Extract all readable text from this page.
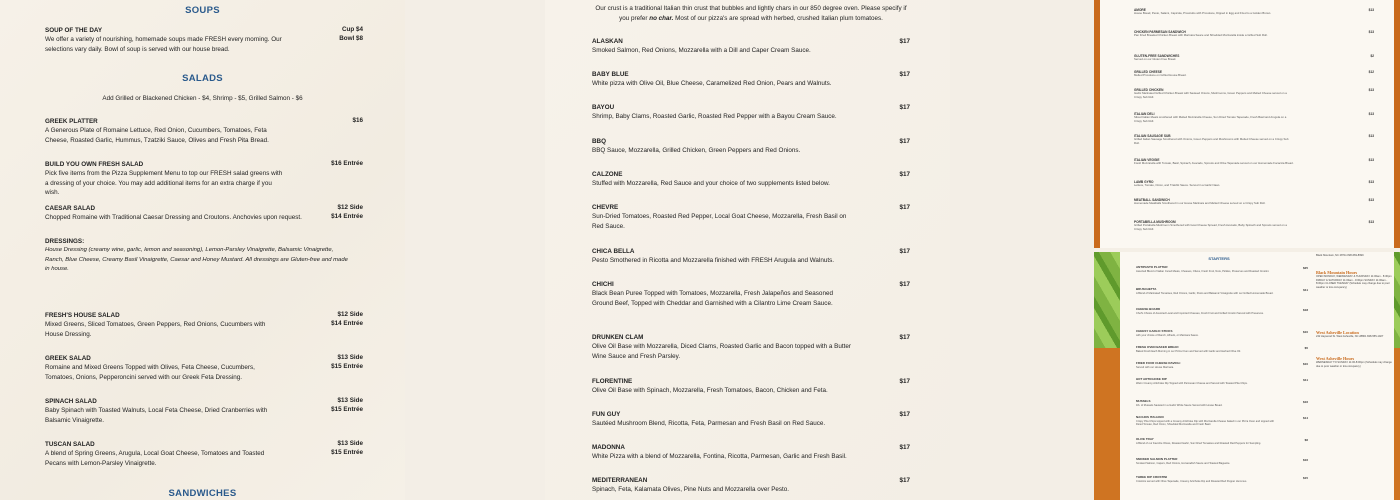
SOUPS
SOUP OF THE DAY
We offer a variety of nourishing, homemade soups made FRESH every morning. Our selections vary daily. Bowl of soup is served with our house bread.
Cup $4
Bowl $8
SALADS
Add Grilled or Blackened Chicken - $4, Shrimp - $5, Grilled Salmon - $6
GREEK PLATTER
A Generous Plate of Romaine Lettuce, Red Onion, Cucumbers, Tomatoes, Feta Cheese, Roasted Garlic, Hummus, Tzatziki Sauce, Olives and Fresh Pita Bread.
$16
BUILD YOU OWN FRESH SALAD
Pick five items from the Pizza Supplement Menu to top our FRESH salad greens with a dressing of your choice. You may add additional items for an extra charge if you wish.
$16 Entrée
CAESAR SALAD
Chopped Romaine with Traditional Caesar Dressing and Croutons. Anchovies upon request.
$12 Side
$14 Entrée
DRESSINGS:
House Dressing (creamy wine, garlic, lemon and seasoning), Lemon-Parsley Vinaigrette, Balsamic Vinaigrette, Ranch, Blue Cheese, Creamy Basil Vinaigrette, Caesar and Honey Mustard. All dressings are Gluten-free and made in house.
FRESH'S HOUSE SALAD
Mixed Greens, Sliced Tomatoes, Green Peppers, Red Onions, Cucumbers with House Dressing.
$12 Side
$14 Entrée
GREEK SALAD
Romaine and Mixed Greens Topped with Olives, Feta Cheese, Cucumbers, Tomatoes, Onions, Pepperoncini served with our Greek Feta Dressing.
$13 Side
$15 Entrée
SPINACH SALAD
Baby Spinach with Toasted Walnuts, Local Feta Cheese, Dried Cranberries with Balsamic Vinaigrette.
$13 Side
$15 Entrée
TUSCAN SALAD
A blend of Spring Greens, Arugula, Local Goat Cheese, Tomatoes and Toasted Pecans with Lemon-Parsley Vinaigrette.
$13 Side
$15 Entrée
SANDWICHES
Our crust is a traditional Italian thin crust that bubbles and lightly chars in our 850 degree oven. Please specify if you prefer no char. Most of our pizza's are spread with herbed, crushed Italian plum tomatoes.
ALASKAN
Smoked Salmon, Red Onions, Mozzarella with a Dill and Caper Cream Sauce.
$17
BABY BLUE
White pizza with Olive Oil, Blue Cheese, Caramelized Red Onion, Pears and Walnuts.
$17
BAYOU
Shrimp, Baby Clams, Roasted Garlic, Roasted Red Pepper with a Bayou Cream Sauce.
$17
BBQ
BBQ Sauce, Mozzarella, Grilled Chicken, Green Peppers and Red Onions.
$17
CALZONE
Stuffed with Mozzarella, Red Sauce and your choice of two supplements listed below.
$17
CHEVRE
Sun-Dried Tomatoes, Roasted Red Pepper, Local Goat Cheese, Mozzarella, Fresh Basil on Red Sauce.
$17
CHICA BELLA
Pesto Smothered in Ricotta and Mozzarella finished with FRESH Arugula and Walnuts.
$17
CHICHI
Black Bean Puree Topped with Tomatoes, Mozzarella, Fresh Jalapeños and Seasoned Ground Beef, Topped with Cheddar and Garnished with a Cilantro Lime Cream Sauce.
$17
DRUNKEN CLAM
Olive Oil Base with Mozzarella, Diced Clams, Roasted Garlic and Bacon topped with a Butter Wine Sauce and Fresh Parsley.
$17
FLORENTINE
Olive Oil Base with Spinach, Mozzarella, Fresh Tomatoes, Bacon, Chicken and Feta.
$17
FUN GUY
Sautéed Mushroom Blend, Ricotta, Feta, Parmesan and Fresh Basil on Red Sauce.
$17
MADONNA
White Pizza with a blend of Mozzarella, Fontina, Ricotta, Parmesan, Garlic and Fresh Basil.
$17
MEDITERRANEAN
Spinach, Feta, Kalamata Olives, Pine Nuts and Mozzarella over Pesto.
$17
AMORE
House Bread, Pesto, Salami, Capicola, Prosciutto with Provolone, Dipped in Egg and Fried to a Golden Brown.
$13
CHICKEN PARMESAN SANDWICH
Pan Fried Breaded Chicken Breast with Marinara Sauce and Shredded Mozzarella inside a Grilled Sub Roll.
$13
GLUTEN-FREE SANDWICHES
Served on our Gluten Free Bread.
$2
GRILLED CHEESE
Melted Provolone on Grilled House Bread.
$12
GRILLED CHICKEN
Garlic Marinated Grilled Chicken Breast with Sauteed Onions, Mushrooms, Green Peppers and Melted Cheese served on a Crispy Sub Roll.
$13
ITALIAN DELI
Sliced Italian Meats smothered with Melted Mozzarella Cheese, Sun Dried Tomato Tapenade, Fresh Basil and Arugula on a Crispy Sub Roll.
$13
ITALIAN SAUSAGE SUB
Grilled Italian Sausage Smothered with Onions, Green Peppers and Mushrooms with Melted Cheese served on a Crispy Sub Roll.
$13
ITALIAN VEGGIE
Fresh Mozzarella with Tomato, Basil, Spinach, Avocado, Sprouts and Olive Tapenade served on our Homemade Focaccia Bread.
$13
LAMB GYRO
Lettuce, Tomato, Onion, and Tzatziki Sauce. Served in a Garlic Naan.
$13
MEATBALL SANDWICH
Homemade Meatballs Smothered in our House Marinara and Melted Cheese served on a Crispy Sub Roll.
$13
PORTABELLA MUSHROOM
Grilled Portabella Mushroom Smothered with Goat Cheese Spread, Fresh Avocado, Baby Spinach and Sprouts served on a Crispy Sub Roll.
$13
STARTERS
ANTIPASTO PLATTER
Assorted Blend of Italian Cured Meats, Cheeses, Olives, Fresh Fruit, Nuts, Pickles, Preserves and Roasted Crostini.
$25
BRUSCHETTA
A Blend of Marinated Tomatoes, Red Onions, Garlic, Pesto and Balsamic Vinaigrette with our Grilled Homemade Bread.
$11
CHEESE BOARD
Chef's Choice of Assorted Local and Imported Cheeses, Fresh Fruit and Grilled Crostini Served with Preserves.
$18
CHEESY GARLIC STICKS
with your choice of Ranch, Alfredo, or Marinara Sauce.
$10
FRESH OVEN BAKED BREAD
Baked Fresh Each Morning in our Pizza Oven and Served with Garlic and Herbed Olive Oil.
$5
FRIED FOUR CHEESE RAVIOLI
Served with our House Marinara.
$10
HOT ARTICHOKE DIP
Warm Creamy Artichoke Dip Topped with Parmesan Cheese and Served with Toasted Pita Chips.
$11
MUSSELS
1lb. of Mussels Sautéed in a Garlic White Sauce Served with House Bread.
$16
NACHOS ITALIANO
Crispy Pita Chips topped with a Creamy Artichoke Dip with Mozzarella Cheese baked in our Pizza Oven and topped with Diced Tomato, Red Onion, Shredded Mozzarella and Fresh Basil.
$14
OLIVE TRAY
A Blend of our Favorite Olives, Roasted Garlic, Sun Dried Tomatoes and Roasted Red Peppers for Sampling.
$6
SMOKED SALMON PLATTER
Smoked Salmon, Capers, Red Onions, Horseradish Sauce and Toasted Baguette.
$16
THREE DIP CROSTINI
Crostinis served with Olive Tapenade, Creamy Artichoke Dip and Roasted Red Pepper Hummus.
$15
Black Mountain, NC 28711 828-669-8999
Black Mountain Hours
OPEN MONDAY, WEDNESDAY & THURSDAY 11:00am - 8:30pm FRIDAY & SATURDAY 11:00am - 9:00pm SUNDAY 11:00am - 8:30pm CLOSED TUESDAY (Schedule may change due to poor weather or low occupancy)
West Asheville Location
242 Haywood St. West Asheville, NC 28801 828-555-1927
West Asheville Hours
WEDNESDAY TO SUNDAY 11:00-8:00pm (Schedule may change due to poor weather or low occupancy)
